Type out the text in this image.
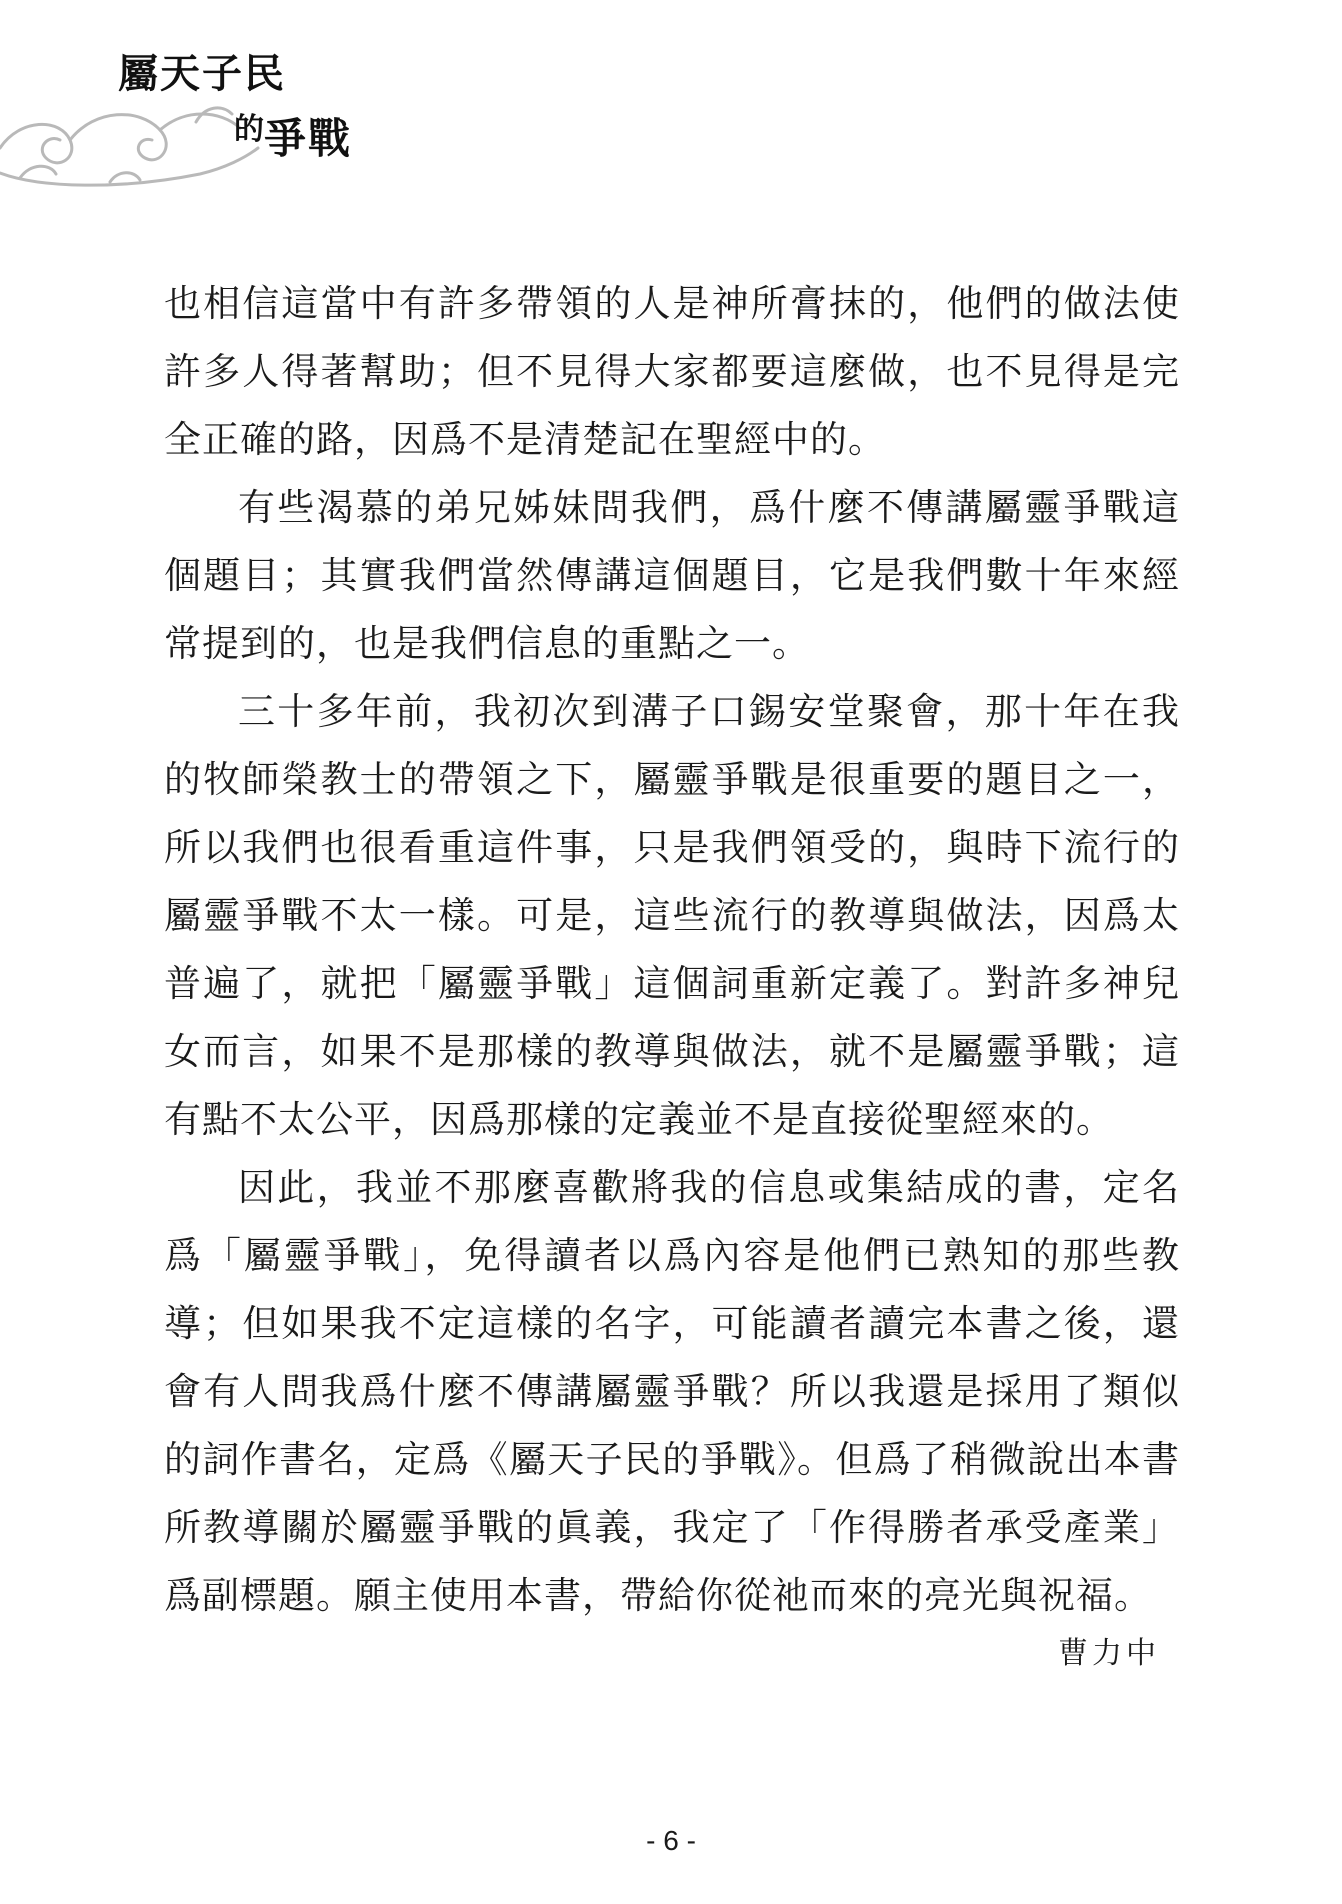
屬天子民
的爭戰

也相信這當中有許多帶領的人是神所膏抹的，他們的做法使許多人得著幫助；但不見得大家都要這麼做，也不見得是完全正確的路，因爲不是清楚記在聖經中的。

有些渴慕的弟兄姊妹問我們，爲什麼不傳講屬靈爭戰這個題目；其實我們當然傳講這個題目，它是我們數十年來經常提到的，也是我們信息的重點之一。

三十多年前，我初次到溝子口錫安堂聚會，那十年在我的牧師榮教士的帶領之下，屬靈爭戰是很重要的題目之一，所以我們也很看重這件事，只是我們領受的，與時下流行的屬靈爭戰不太一樣。可是，這些流行的教導與做法，因爲太普遍了，就把「屬靈爭戰」這個詞重新定義了。對許多神兒女而言，如果不是那樣的教導與做法，就不是屬靈爭戰；這有點不太公平，因爲那樣的定義並不是直接從聖經來的。

因此，我並不那麼喜歡將我的信息或集結成的書，定名爲「屬靈爭戰」，免得讀者以爲內容是他們已熟知的那些教導；但如果我不定這樣的名字，可能讀者讀完本書之後，還會有人問我爲什麼不傳講屬靈爭戰？所以我還是採用了類似的詞作書名，定爲《屬天子民的爭戰》。但爲了稍微說出本書所教導關於屬靈爭戰的眞義，我定了「作得勝者承受產業」爲副標題。願主使用本書，帶給你從祂而來的亮光與祝福。

曹力中
- 6 -
